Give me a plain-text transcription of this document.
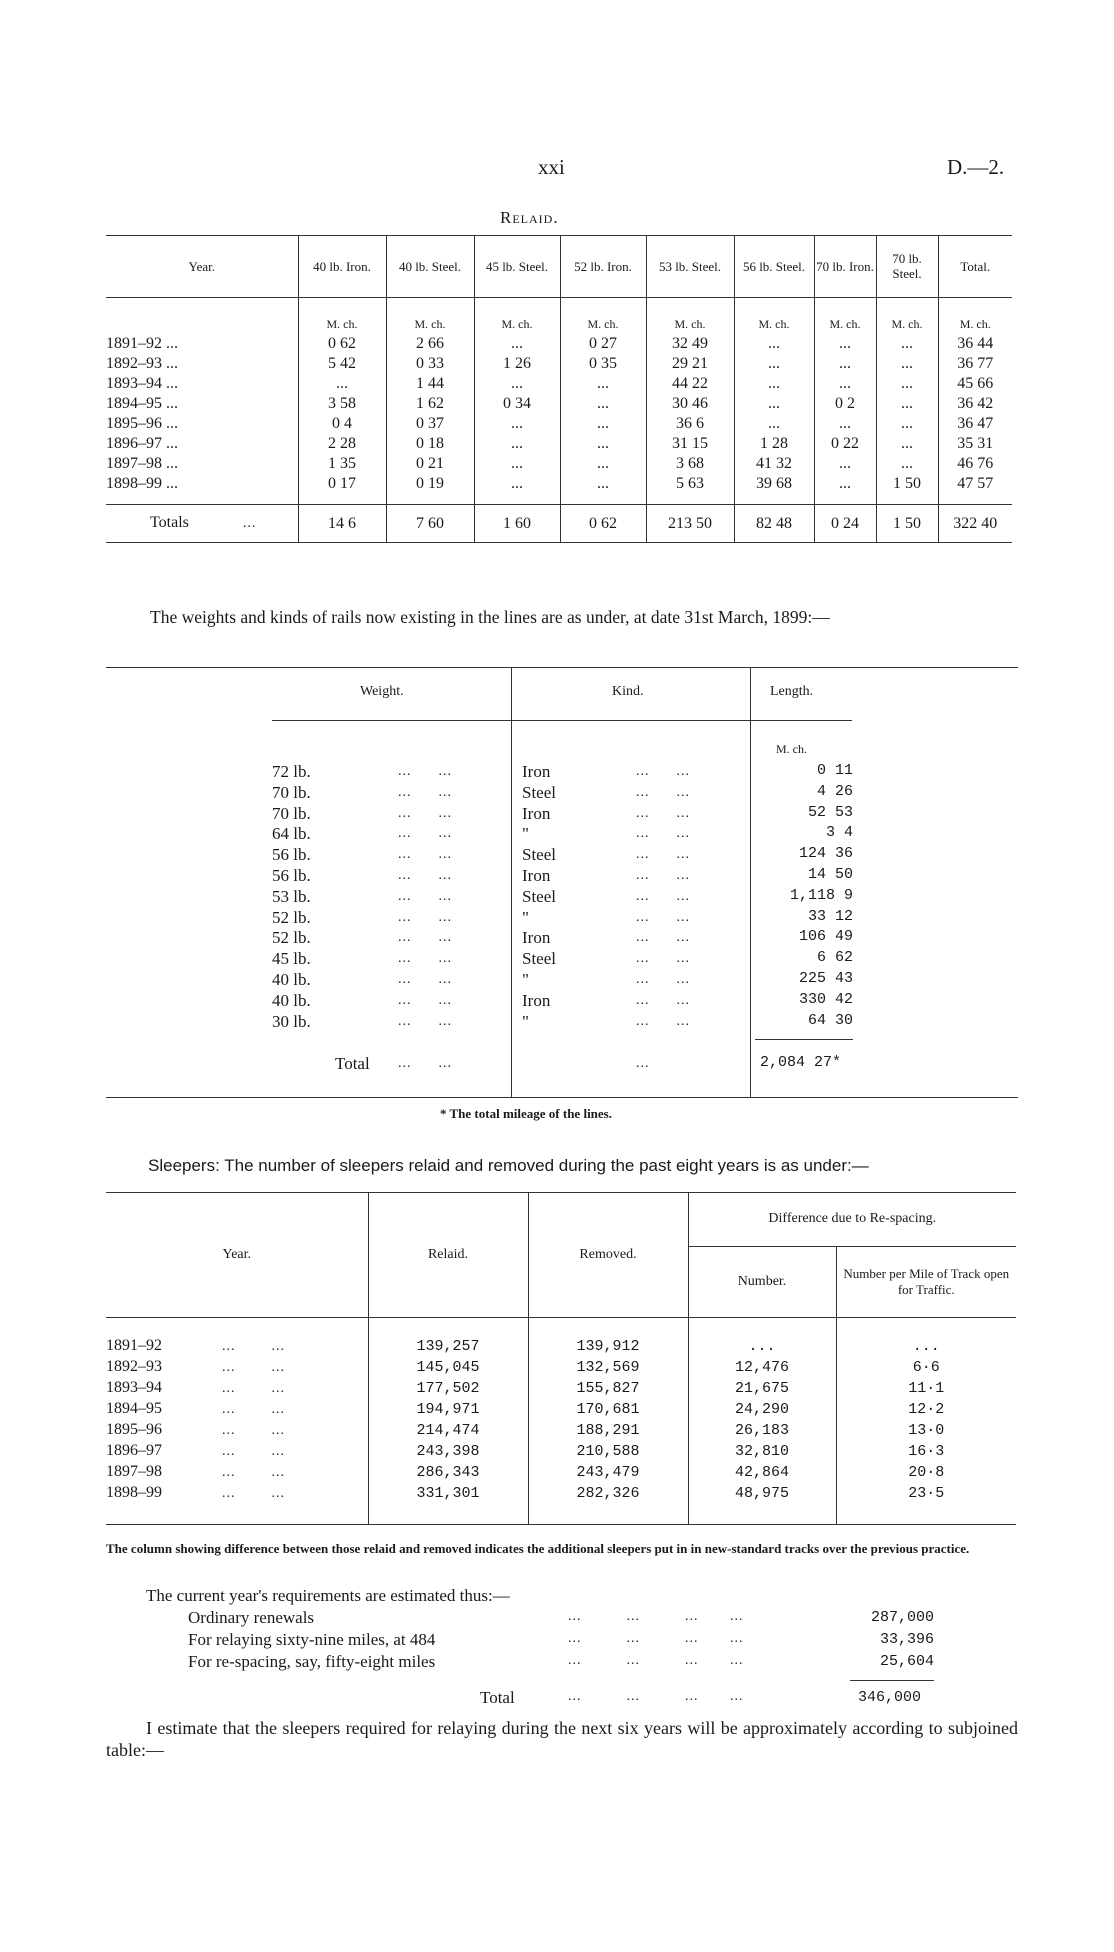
xxi	D.—2.
Relaid.
Year.	40 lb. Iron.	40 lb. Steel.	45 lb. Steel.	52 lb. Iron.	53 lb. Steel.	56 lb. Steel.	70 lb. Iron.	70 lb. Steel.	Total.
	M. ch.	M. ch.	M. ch.	M. ch.	M. ch.	M. ch.	M. ch.	M. ch.	M. ch.
1891–92 ...	0 62	2 66	...	0 27	32 49	...	...	...	36 44
1892–93 ...	5 42	0 33	1 26	0 35	29 21	...	...	...	36 77
1893–94 ...	...	1 44	...	...	44 22	...	...	...	45 66
1894–95 ...	3 58	1 62	0 34	...	30 46	...	0 2	...	36 42
1895–96 ...	0 4	0 37	...	...	36 6	...	...	...	36 47
1896–97 ...	2 28	0 18	...	...	31 15	1 28	0 22	...	35 31
1897–98 ...	1 35	0 21	...	...	3 68	41 32	...	...	46 76
1898–99 ...	0 17	0 19	...	...	5 63	39 68	...	1 50	47 57

Totals ...	14 6	7 60	1 60	0 62	213 50	82 48	0 24	1 50	322 40
The weights and kinds of rails now existing in the lines are as under, at date 31st March, 1899:—
Weight.	Kind.	Length.
M. ch.
72 lb.	...      ...	Iron	...      ...	0 11
70 lb.	...      ...	Steel	...      ...	4 26
70 lb.	...      ...	Iron	...      ...	52 53
64 lb.	...      ...	"	...      ...	3 4
56 lb.	...      ...	Steel	...      ...	124 36
56 lb.	...      ...	Iron	...      ...	14 50
53 lb.	...      ...	Steel	...      ...	1,118 9
52 lb.	...      ...	"	...      ...	33 12
52 lb.	...      ...	Iron	...      ...	106 49
45 lb.	...      ...	Steel	...      ...	6 62
40 lb.	...      ...	"	...      ...	225 43
40 lb.	...      ...	Iron	...      ...	330 42
30 lb.	...      ...	"	...      ...	64 30
Total ...      ...	...	2,084 27*
* The total mileage of the lines.
Sleepers: The number of sleepers relaid and removed during the past eight years is as under:—
Year.	Relaid.	Removed.	Difference due to Re-spacing.	
			Number.	Number per Mile of Track open for Traffic.

1891–92 ...        ...	139,257	139,912	...	...
1892–93 ...        ...	145,045	132,569	12,476	6·6
1893–94 ...        ...	177,502	155,827	21,675	11·1
1894–95 ...        ...	194,971	170,681	24,290	12·2
1895–96 ...        ...	214,474	188,291	26,183	13·0
1896–97 ...        ...	243,398	210,588	32,810	16·3
1897–98 ...        ...	286,343	243,479	42,864	20·8
1898–99 ...        ...	331,301	282,326	48,975	23·5

The column showing difference between those relaid and removed indicates the additional sleepers put in in new-standard tracks over the previous practice.
The current year's requirements are estimated thus:—
Ordinary renewals	...          ...          ...       ...	287,000
For relaying sixty-nine miles, at 484	...          ...          ...       ...	33,396
For re-spacing, say, fifty-eight miles	...          ...          ...       ...	25,604
Total	...          ...          ...       ...	346,000
I estimate that the sleepers required for relaying during the next six years will be approximately according to subjoined table:—
